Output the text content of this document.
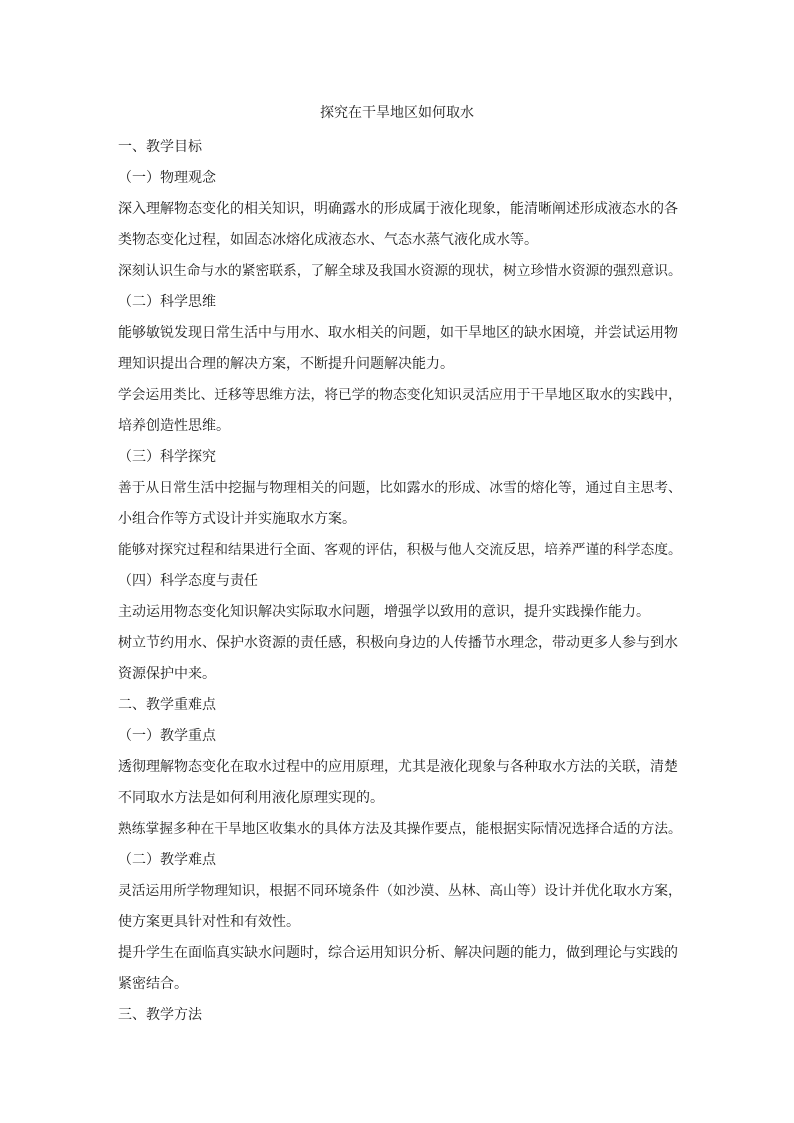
探究在干旱地区如何取水

一、教学目标

（一）物理观念

深入理解物态变化的相关知识，明确露水的形成属于液化现象，能清晰阐述形成液态水的各

类物态变化过程，如固态冰熔化成液态水、气态水蒸气液化成水等。

深刻认识生命与水的紧密联系，了解全球及我国水资源的现状，树立珍惜水资源的强烈意识。

（二）科学思维

能够敏锐发现日常生活中与用水、取水相关的问题，如干旱地区的缺水困境，并尝试运用物

理知识提出合理的解决方案，不断提升问题解决能力。

学会运用类比、迁移等思维方法，将已学的物态变化知识灵活应用于干旱地区取水的实践中，

培养创造性思维。

（三）科学探究

善于从日常生活中挖掘与物理相关的问题，比如露水的形成、冰雪的熔化等，通过自主思考、

小组合作等方式设计并实施取水方案。

能够对探究过程和结果进行全面、客观的评估，积极与他人交流反思，培养严谨的科学态度。

（四）科学态度与责任

主动运用物态变化知识解决实际取水问题，增强学以致用的意识，提升实践操作能力。

树立节约用水、保护水资源的责任感，积极向身边的人传播节水理念，带动更多人参与到水

资源保护中来。

二、教学重难点

（一）教学重点

透彻理解物态变化在取水过程中的应用原理，尤其是液化现象与各种取水方法的关联，清楚

不同取水方法是如何利用液化原理实现的。

熟练掌握多种在干旱地区收集水的具体方法及其操作要点，能根据实际情况选择合适的方法。

（二）教学难点

灵活运用所学物理知识，根据不同环境条件（如沙漠、丛林、高山等）设计并优化取水方案，

使方案更具针对性和有效性。

提升学生在面临真实缺水问题时，综合运用知识分析、解决问题的能力，做到理论与实践的

紧密结合。

三、教学方法
